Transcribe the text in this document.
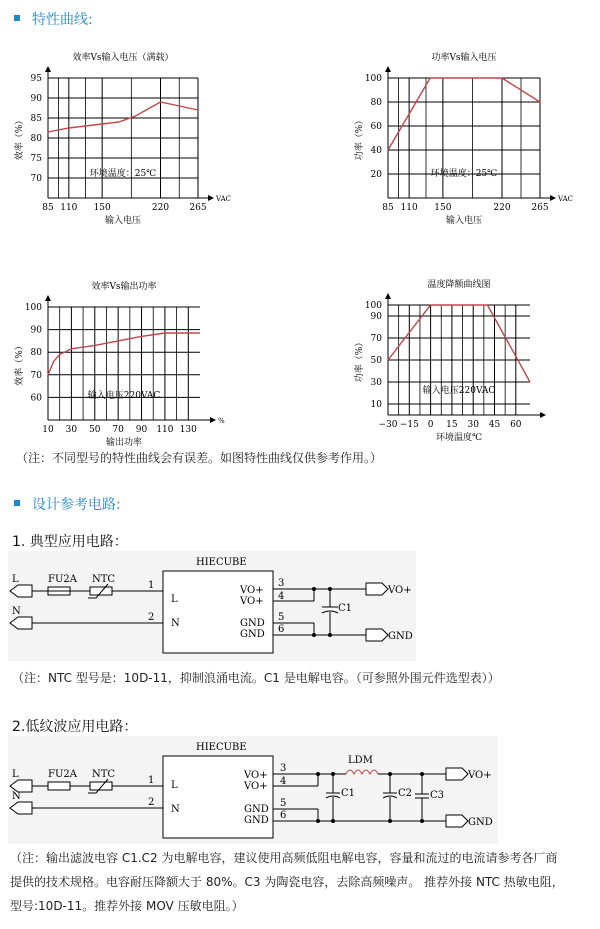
特性曲线:
效率Vs输入电压（满载）
85 110 150	220 265
70
75
80
85
90
95
VAC
输入电压
效率（%）
环境温度：25℃
功率Vs输入电压
85 110 150	220 265
20
40
60
80
100
VAC
输入电压
功率（%）
环境温度：25℃
效率Vs输出功率
10 30 50 70 90 110 130
60
70
80
90
100
%
输出功率
效率（%）
输入电压220VAC
温度降额曲线图
−30 −15 0 15 30 45 60
10
30
50
70
90
100
环境温度℃
功率（%）
输入电压220VAC
（注：不同型号的特性曲线会有误差。如图特性曲线仅供参考作用。）
设计参考电路:
1. 典型应用电路：
L
N
FU2A NTC
1
2
HIECUBE
L
N
VO+
VO+
GND
GND
3
4
5
6
C1
VO+
GND
（注：NTC 型号是：10D-11，抑制浪涌电流。C1 是电解电容。（可参照外围元件选型表））
2.低纹波应用电路：
L
N
FU2A NTC
1
2
HIECUBE
L
N
VO+
VO+
GND
GND
3
4
5
6
LDM
C1	C2 C3
VO+
GND
（注：输出滤波电容 C1.C2 为电解电容，建议使用高频低阻电解电容，容量和流过的电流请参考各厂商
提供的技术规格。电容耐压降额大于 80%。C3 为陶瓷电容，去除高频噪声。 推荐外接 NTC 热敏电阻，
型号:10D-11。推荐外接 MOV 压敏电阻。）
